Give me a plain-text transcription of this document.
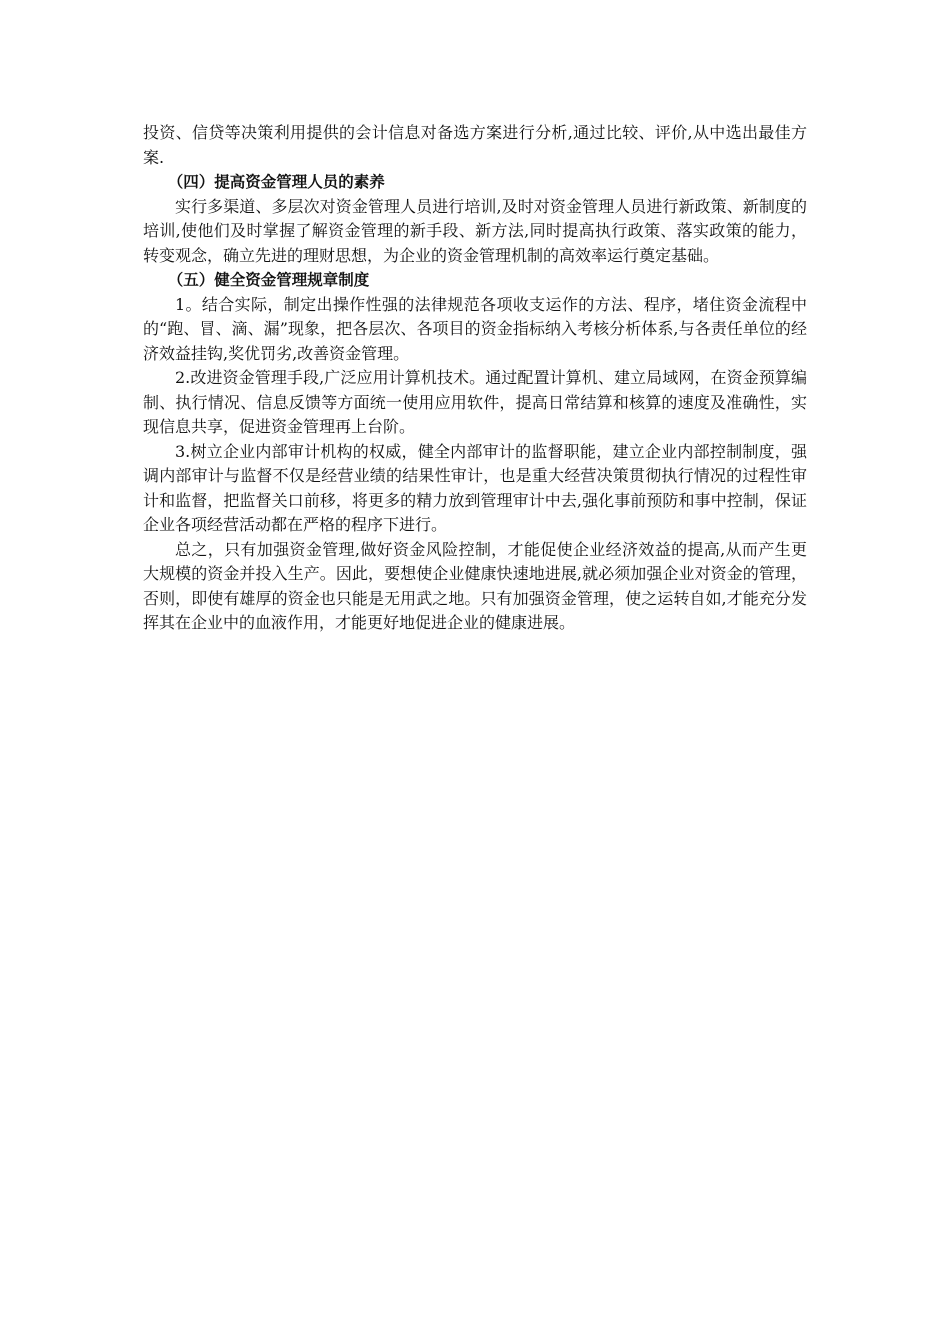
投资、信贷等决策利用提供的会计信息对备选方案进行分析,通过比较、评价,从中选出最佳方案.

（四）提高资金管理人员的素养

实行多渠道、多层次对资金管理人员进行培训,及时对资金管理人员进行新政策、新制度的培训,使他们及时掌握了解资金管理的新手段、新方法,同时提高执行政策、落实政策的能力，转变观念，确立先进的理财思想，为企业的资金管理机制的高效率运行奠定基础。

（五）健全资金管理规章制度

1。结合实际，制定出操作性强的法律规范各项收支运作的方法、程序，堵住资金流程中的“跑、冒、滴、漏”现象，把各层次、各项目的资金指标纳入考核分析体系,与各责任单位的经济效益挂钩,奖优罚劣,改善资金管理。

2.改进资金管理手段,广泛应用计算机技术。通过配置计算机、建立局域网，在资金预算编制、执行情况、信息反馈等方面统一使用应用软件，提高日常结算和核算的速度及准确性，实现信息共享，促进资金管理再上台阶。

3.树立企业内部审计机构的权威，健全内部审计的监督职能，建立企业内部控制制度，强调内部审计与监督不仅是经营业绩的结果性审计，也是重大经营决策贯彻执行情况的过程性审计和监督，把监督关口前移，将更多的精力放到管理审计中去,强化事前预防和事中控制，保证企业各项经营活动都在严格的程序下进行。

总之，只有加强资金管理,做好资金风险控制，才能促使企业经济效益的提高,从而产生更大规模的资金并投入生产。因此，要想使企业健康快速地进展,就必须加强企业对资金的管理，否则，即使有雄厚的资金也只能是无用武之地。只有加强资金管理，使之运转自如,才能充分发挥其在企业中的血液作用，才能更好地促进企业的健康进展。
